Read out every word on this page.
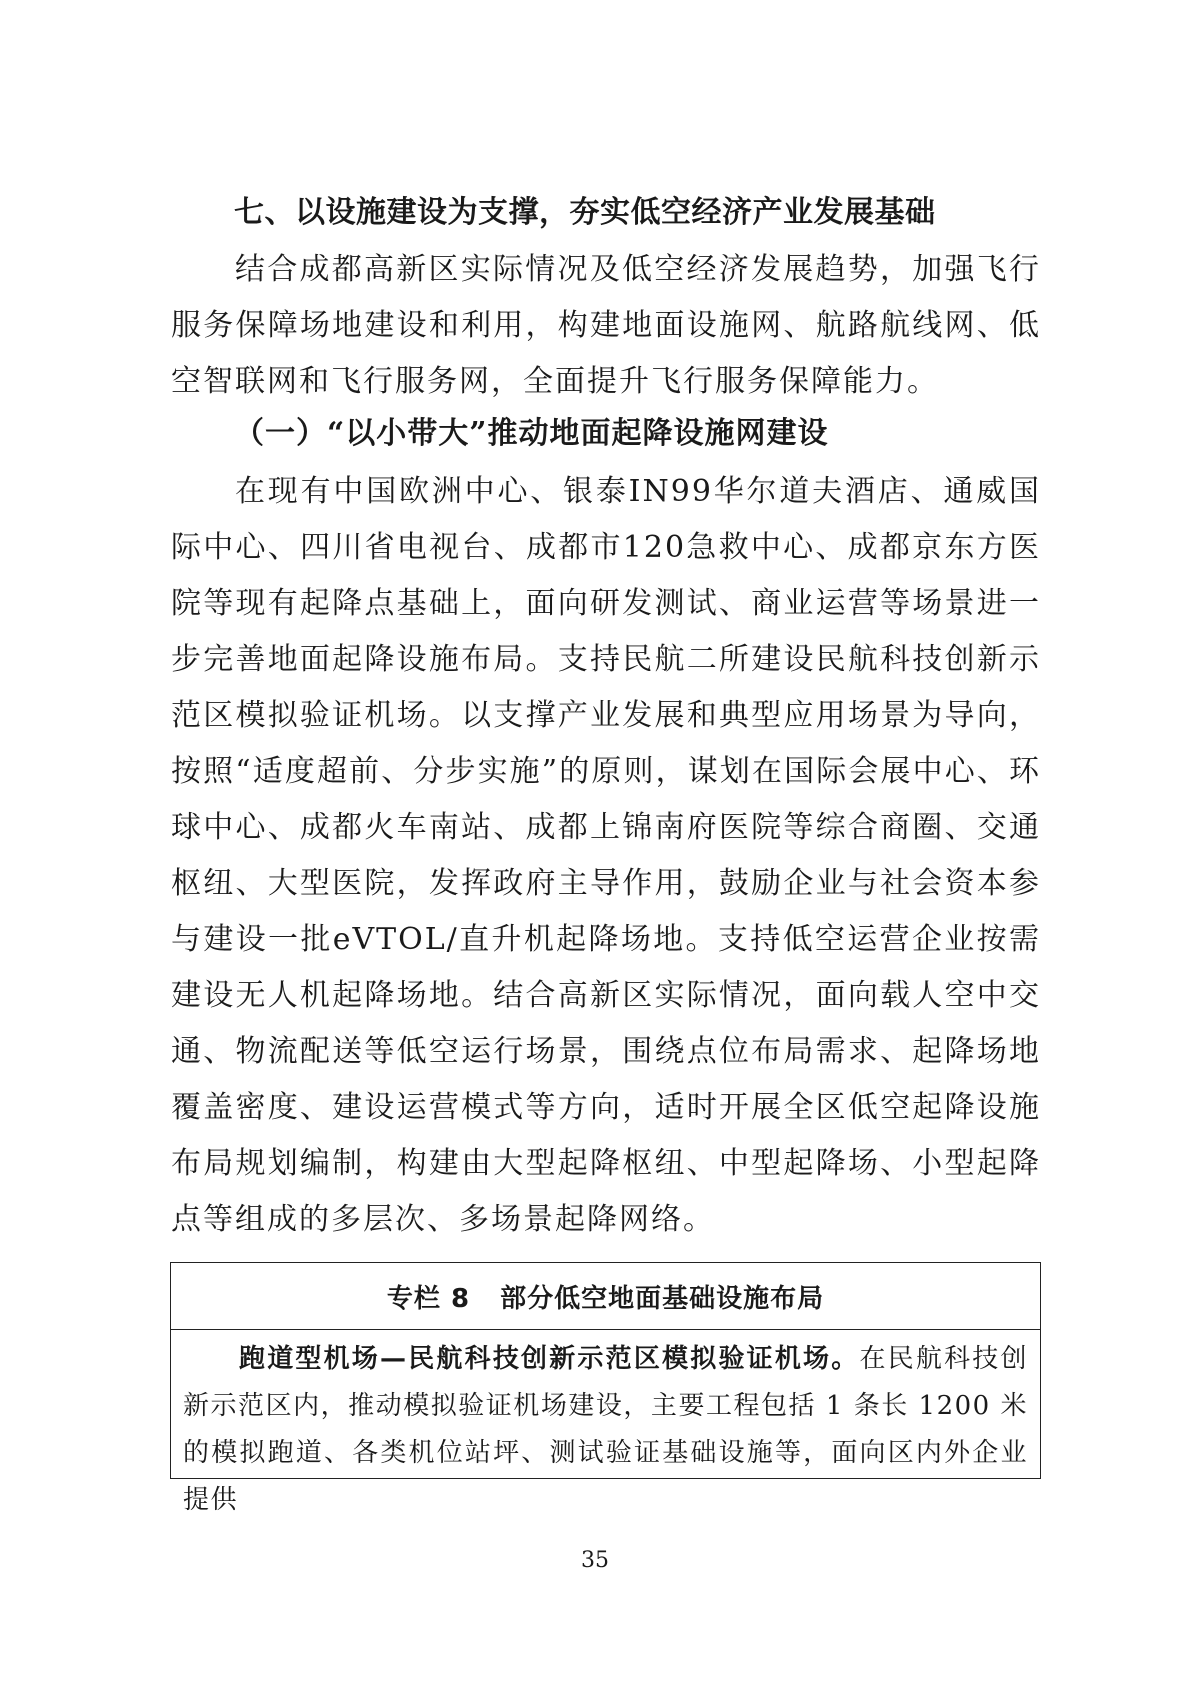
七、以设施建设为支撑，夯实低空经济产业发展基础
结合成都高新区实际情况及低空经济发展趋势，加强飞行服务保障场地建设和利用，构建地面设施网、航路航线网、低空智联网和飞行服务网，全面提升飞行服务保障能力。
（一）“以小带大”推动地面起降设施网建设
在现有中国欧洲中心、银泰IN99华尔道夫酒店、通威国际中心、四川省电视台、成都市120急救中心、成都京东方医院等现有起降点基础上，面向研发测试、商业运营等场景进一步完善地面起降设施布局。支持民航二所建设民航科技创新示范区模拟验证机场。以支撑产业发展和典型应用场景为导向，按照“适度超前、分步实施”的原则，谋划在国际会展中心、环球中心、成都火车南站、成都上锦南府医院等综合商圈、交通枢纽、大型医院，发挥政府主导作用，鼓励企业与社会资本参与建设一批eVTOL/直升机起降场地。支持低空运营企业按需建设无人机起降场地。结合高新区实际情况，面向载人空中交通、物流配送等低空运行场景，围绕点位布局需求、起降场地覆盖密度、建设运营模式等方向，适时开展全区低空起降设施布局规划编制，构建由大型起降枢纽、中型起降场、小型起降点等组成的多层次、多场景起降网络。
专栏 8 部分低空地面基础设施布局
跑道型机场—民航科技创新示范区模拟验证机场。在民航科技创新示范区内，推动模拟验证机场建设，主要工程包括 1 条长 1200 米的模拟跑道、各类机位站坪、测试验证基础设施等，面向区内外企业提供
35
